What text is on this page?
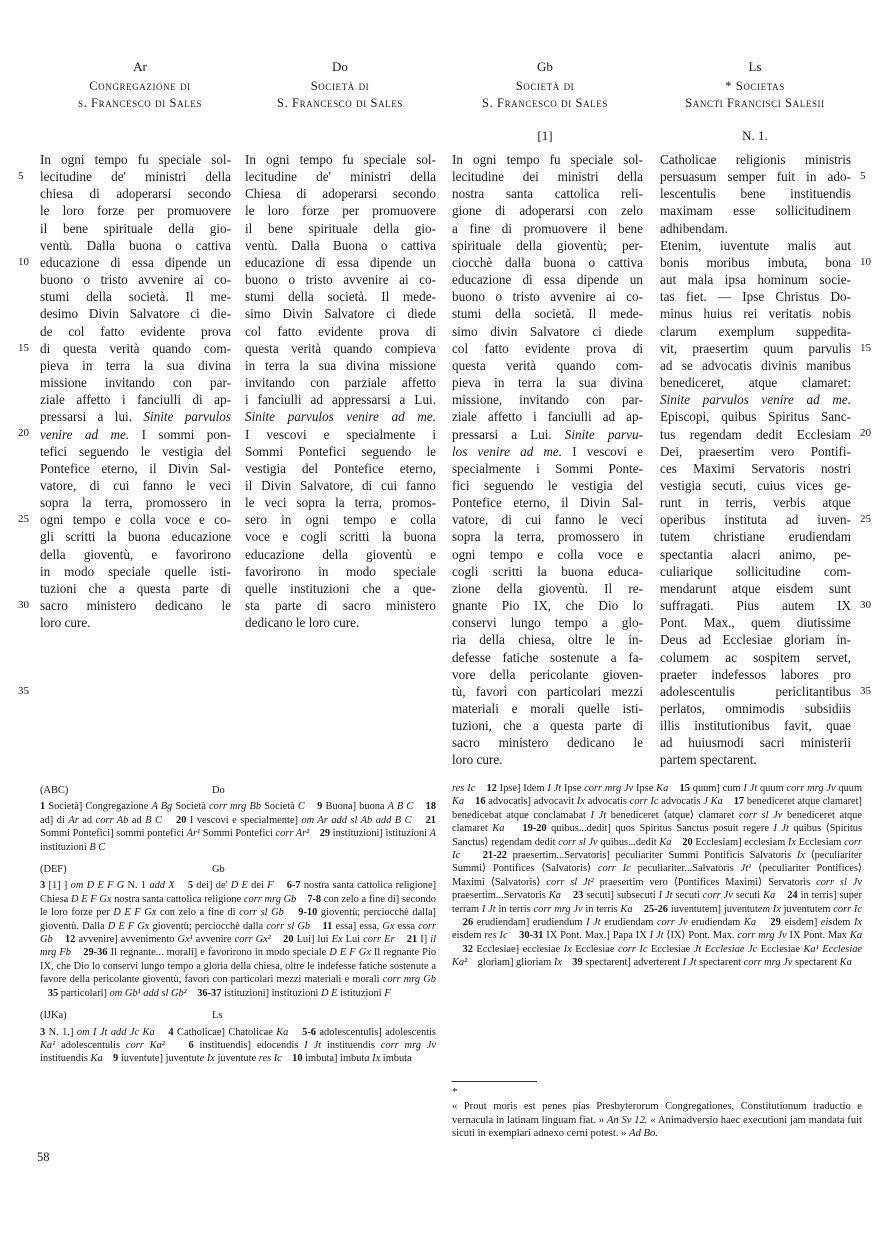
Ar
Congregazione di
s. Francesco di Sales
Do
Società di
S. Francesco di Sales
Gb
Società di
S. Francesco di Sales
Ls
* Societas
Sancti Francisci Salesii
[1]	N. 1.
In ogni tempo fu speciale sol-
lecitudine de' ministri della
chiesa di adoperarsi secondo
le loro forze per promuovere
il bene spirituale della gio-
ventù. Dalla buona o cattiva
educazione di essa dipende un
buono o tristo avvenire ai co-
stumi della società. Il me-
desimo Divin Salvatore ci die-
de col fatto evidente prova
di questa verità quando com-
pieva in terra la sua divina
missione invitando con par-
ziale affetto i fanciulli di ap-
pressarsi a lui. Sinite parvulos
venire ad me. I sommi pon-
tefici seguendo le vestigia del
Pontefice eterno, il Divin Sal-
vatore, di cui fanno le veci
sopra la terra, promossero in
ogni tempo e colla voce e co-
gli scritti la buona educazione
della gioventù, e favorirono
in modo speciale quelle isti-
tuzioni che a questa parte di
sacro ministero dedicano le
loro cure.
In ogni tempo fu speciale sol-
lecitudine de' ministri della
Chiesa di adoperarsi secondo
le loro forze per promuovere
il bene spirituale della gio-
ventù. Dalla Buona o cattiva
educazione di essa dipende un
buono o tristo avvenire ai co-
stumi della società. Il mede-
simo Divin Salvatore ci diede
col fatto evidente prova di
questa verità quando compieva
in terra la sua divina missione
invitando con parziale affetto
i fanciulli ad appressarsi a Lui.
Sinite parvulos venire ad me.
I vescovi e specialmente i
Sommi Pontefici seguendo le
vestigia del Pontefice eterno,
il Divin Salvatore, di cui fanno
le veci sopra la terra, promos-
sero in ogni tempo e colla
voce e cogli scritti la buona
educazione della gioventù e
favorirono in modo speciale
quelle instituzioni che a que-
sta parte di sacro ministero
dedicano le loro cure.
In ogni tempo fu speciale sol-
lecitudine dei ministri della
nostra santa cattolica reli-
gione di adoperarsi con zelo
a fine di promuovere il bene
spirituale della gioventù; per-
ciocchè dalla buona o cattiva
educazione di essa dipende un
buono o tristo avvenire ai co-
stumi della società. Il mede-
simo divin Salvatore ci diede
col fatto evidente prova di
questa verità quando com-
pieva in terra la sua divina
missione, invitando con par-
ziale affetto i fanciulli ad ap-
pressarsi a Lui. Sinite parvu-
los venire ad me. I vescovi e
specialmente i Sommi Ponte-
fici seguendo le vestigia del
Pontefice eterno, il Divin Sal-
vatore, di cui fanno le veci
sopra la terra, promossero in
ogni tempo e colla voce e
cogli scritti la buona educa-
zione della gioventù. Il re-
gnante Pio IX, che Dio lo
conservi lungo tempo a glo-
ria della chiesa, oltre le in-
defesse fatiche sostenute a fa-
vore della pericolante gioven-
tù, favorì con particolari mezzi
materiali e morali quelle isti-
tuzioni, che a questa parte di
sacro ministero dedicano le
loro cure.
Catholicae religionis ministris
persuasum semper fuit in ado-
lescentulis bene instituendis
maximam esse sollicitudinem
adhibendam.
Etenim, iuventute malis aut
bonis moribus imbuta, bona
aut mala ipsa hominum socie-
tas fiet. — Ipse Christus Do-
minus huius rei veritatis nobis
clarum exemplum suppedita-
vit, praesertim quum parvulis
ad se advocatis divinis manibus
benediceret, atque clamaret:
Sinite parvulos venire ad me.
Episcopi, quibus Spiritus Sanc-
tus regendam dedit Ecclesiam
Dei, praesertim vero Pontifi-
ces Maximi Servatoris nostri
vestigia secuti, cuius vices ge-
runt in terris, verbis atque
operibus instituta ad iuven-
tutem christiane erudiendam
spectantia alacri animo, pe-
culiarique sollicitudine com-
mendarunt atque eisdem sunt
suffragati. Pius autem IX
Pont. Max., quem diutissime
Deus ad Ecclesiae gloriam in-
columem ac sospitem servet,
praeter indefessos labores pro
adolescentulis periclitantibus
perlatos, omnimodis subsidiis
illis institutionibus favit, quae
ad huiusmodi sacri ministerii
partem spectarent.
5
10
15
20
25
30
35
5
10
15
20
25
30
35
(ABC)	Do

1 Società] Congregazione A Bg Società corr mrg Bb Società C 9 Buona] buona A B C 18 ad] di Ar ad corr Ab ad B C 20 I vescovi e specialmente] om Ar add sl Ab add B C 21 Sommi Pontefici] sommi pontefici Ar¹ Sommi Pontefici corr Ar² 29 instituzioni] istituzioni A instituzioni B C

(DEF)	Gb

3 [1] ] om D E F G N. 1 add X 5 dei] de' D E dei F 6-7 nostra santa cattolica religione] Chiesa D E F Gx nostra santa cattolica religione corr mrg Gb 7-8 con zelo a fine di] secondo le loro forze per D E F Gx con zelo a fine di corr sl Gb 9-10 gioventù; perciocchè dalla] gioventù. Dalla D E F Gx gioventù; perciocchè dalla corr sl Gb 11 essa] essa, Gx essa corr Gb 12 avvenire] avvenimento Gx¹ avvenire corr Gx² 20 Lui] lui Ex Lui corr Er 21 I] il mrg Fb 29-36 Il regnante... morali] e favorirono in modo speciale D E F Gx Il regnante Pio IX, che Dio lo conservi lungo tempo a gloria della chiesa, oltre le indefesse fatiche sostenute a favore della pericolante gioventù, favorì con particolari mezzi materiali e morali corr mrg Gb    35 particolari] om Gb¹ add sl Gb² 36-37 istituzioni] instituzioni D E istituzioni F

(IJKa)	Ls

3 N. 1.] om I Jt add Jc Ka 4 Catholicae] Chatolicae Ka 5-6 adolescentulis] adolescentis Ka¹ adolescentulis corr Ka² 6 instituendis] edocendis I Jt instituendis corr mrg Jv instituendis Ka 9 iuventute] juventute Ix juventute res Ic 10 imbuta] imbuta Ix imbuta

res Ic 12 Ipse] Idem I Jt Ipse corr mrg Jv Ipse Ka 15 quum] cum I Jt quum corr mrg Jv quum Ka 16 advocatis] advocavit Ix advocatis corr Ic advocatis J Ka 17 benediceret atque clamaret] benedicebat atque conclamabat I Jt benediceret ⟨atque⟩ clamaret corr sl Jv benediceret atque clamaret Ka 19-20 quibus...dedit] quos Spiritus Sanctus posuit regere I Jt quibus ⟨Spiritus Sanctus⟩ regendam dedit corr sl Jv quibus...dedit Ka 20 Ecclesiam] ecclesiam Ix Ecclesiam corr Ic 21-22 praesertim...Servatoris] peculiariter Summi Pontificis Salvatoris Ix ⟨peculiariter Summi⟩ Pontifices ⟨Salvatoris⟩ corr Ic peculiariter...Salvatoris Jt¹ ⟨peculiariter Pontifices⟩ Maximi ⟨Salvatoris⟩ corr sl Jt² praesertim vero ⟨Pontifices Maximi⟩ Servatoris corr sl Jv praesertim...Servatoris Ka 23 secuti] subsecuti I Jt secuti corr Jv secuti Ka 24 in terris] super terram I Jt in terris corr mrg Jv in terris Ka 25-26 iuventutem] juventutem Ix juventutem corr Ic    26 erudiendam] erudiendum I Jt erudiendam corr Jv erudiendam Ka 29 eisdem] eisdem Ix eisdem res Ic 30-31 IX Pont. Max.] Papa IX I Jt ⟨IX⟩ Pont. Max. corr mrg Jv IX Pont. Max Ka    32 Ecclesiae] ecclesiae Ix Ecclesiae corr Ic Ecclesiae Jt Ecclesiae Jc Ecclesiae Ka¹ Ecclesiae Ka²    gloriam] glioriam Ix 39 spectarent] adverterent I Jt spectarent corr mrg Jv spectarent Ka

*
« Prout moris est penes pias Presbyterorum Congregationes, Constitutionum traductio e vernacula in latinam linguam fiat. » An Sv 12. « Animadversio haec executioni jam mandata fuit sicuti in exemplari adnexo cerni potest. » Ad Bo.
58
